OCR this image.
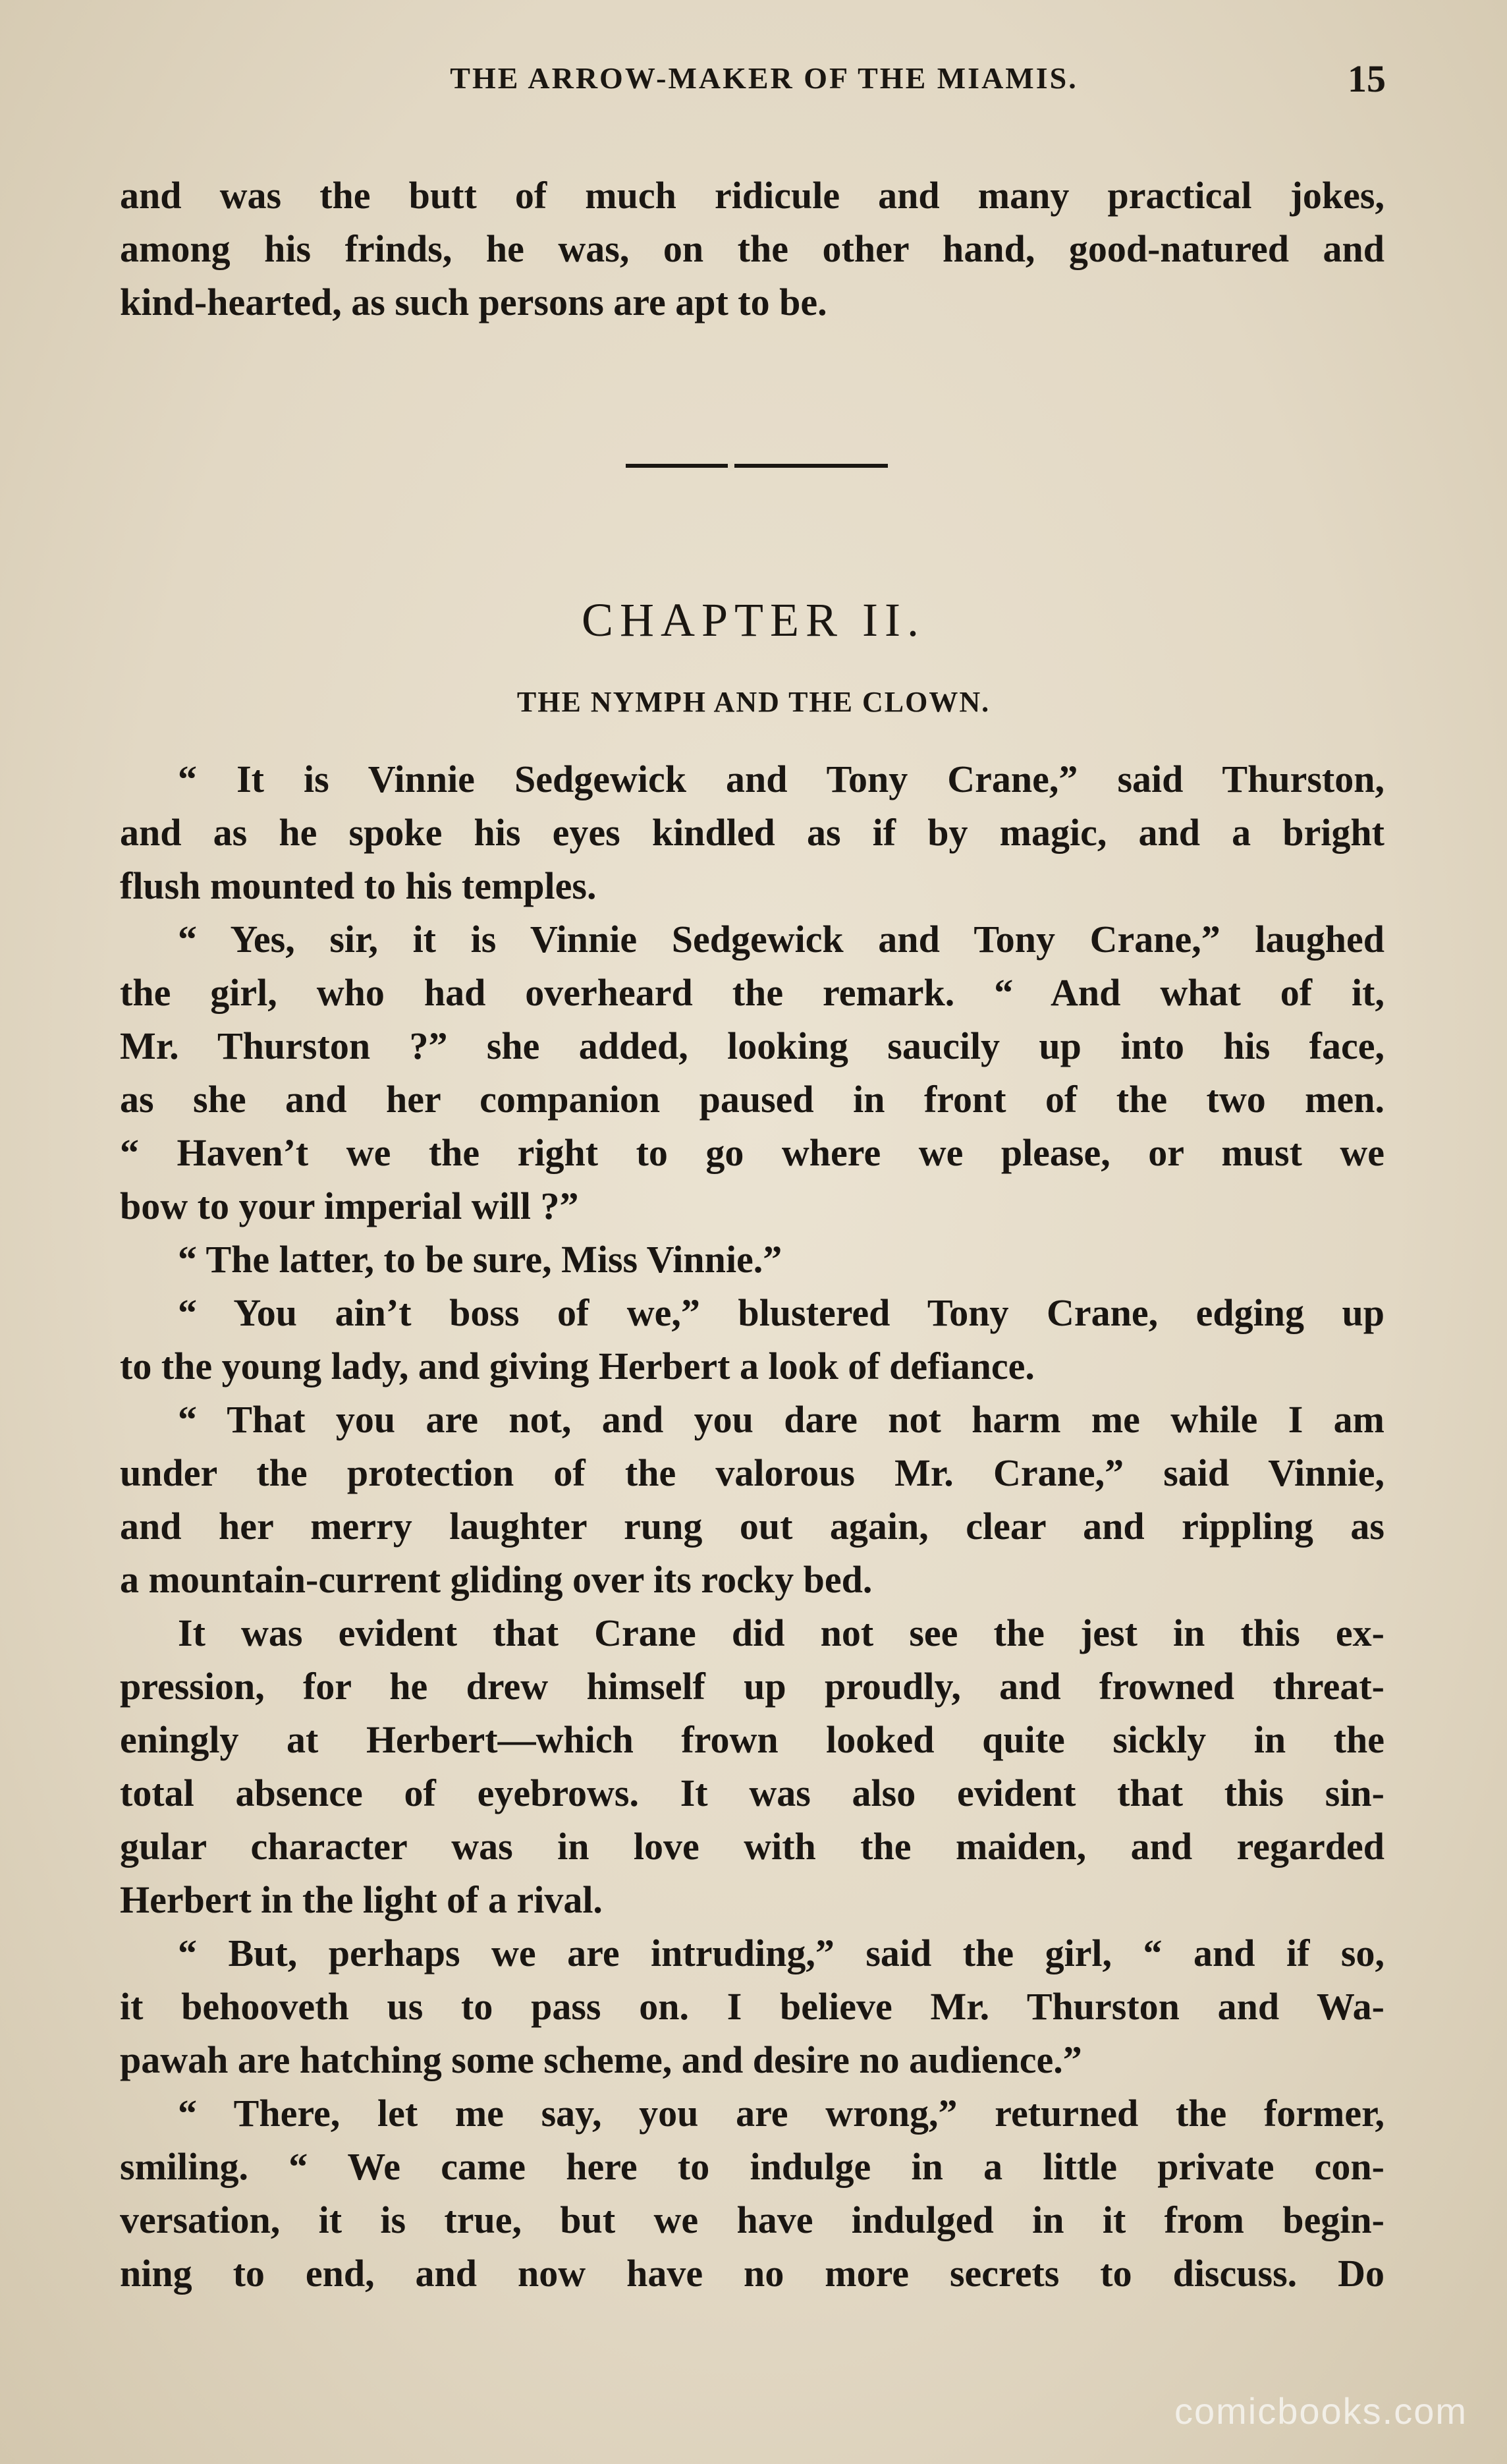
THE ARROW-MAKER OF THE MIAMIS.	15
and was the butt of much ridicule and many practical jokes,
among his frinds, he was, on the other hand, good-natured and
kind-hearted, as such persons are apt to be.
CHAPTER II.
THE NYMPH AND THE CLOWN.
“ It is Vinnie Sedgewick and Tony Crane,” said Thurston,
and as he spoke his eyes kindled as if by magic, and a bright
flush mounted to his temples.
“ Yes, sir, it is Vinnie Sedgewick and Tony Crane,” laughed
the girl, who had overheard the remark. “ And what of it,
Mr. Thurston ?” she added, looking saucily up into his face,
as she and her companion paused in front of the two men.
“ Haven’t we the right to go where we please, or must we
bow to your imperial will ?”
“ The latter, to be sure, Miss Vinnie.”
“ You ain’t boss of we,” blustered Tony Crane, edging up
to the young lady, and giving Herbert a look of defiance.
“ That you are not, and you dare not harm me while I am
under the protection of the valorous Mr. Crane,” said Vinnie,
and her merry laughter rung out again, clear and rippling as
a mountain-current gliding over its rocky bed.
It was evident that Crane did not see the jest in this ex-
pression, for he drew himself up proudly, and frowned threat-
eningly at Herbert—which frown looked quite sickly in the
total absence of eyebrows. It was also evident that this sin-
gular character was in love with the maiden, and regarded
Herbert in the light of a rival.
“ But, perhaps we are intruding,” said the girl, “ and if so,
it behooveth us to pass on. I believe Mr. Thurston and Wa-
pawah are hatching some scheme, and desire no audience.”
“ There, let me say, you are wrong,” returned the former,
smiling. “ We came here to indulge in a little private con-
versation, it is true, but we have indulged in it from begin-
ning to end, and now have no more secrets to discuss. Do
comicbooks.com
